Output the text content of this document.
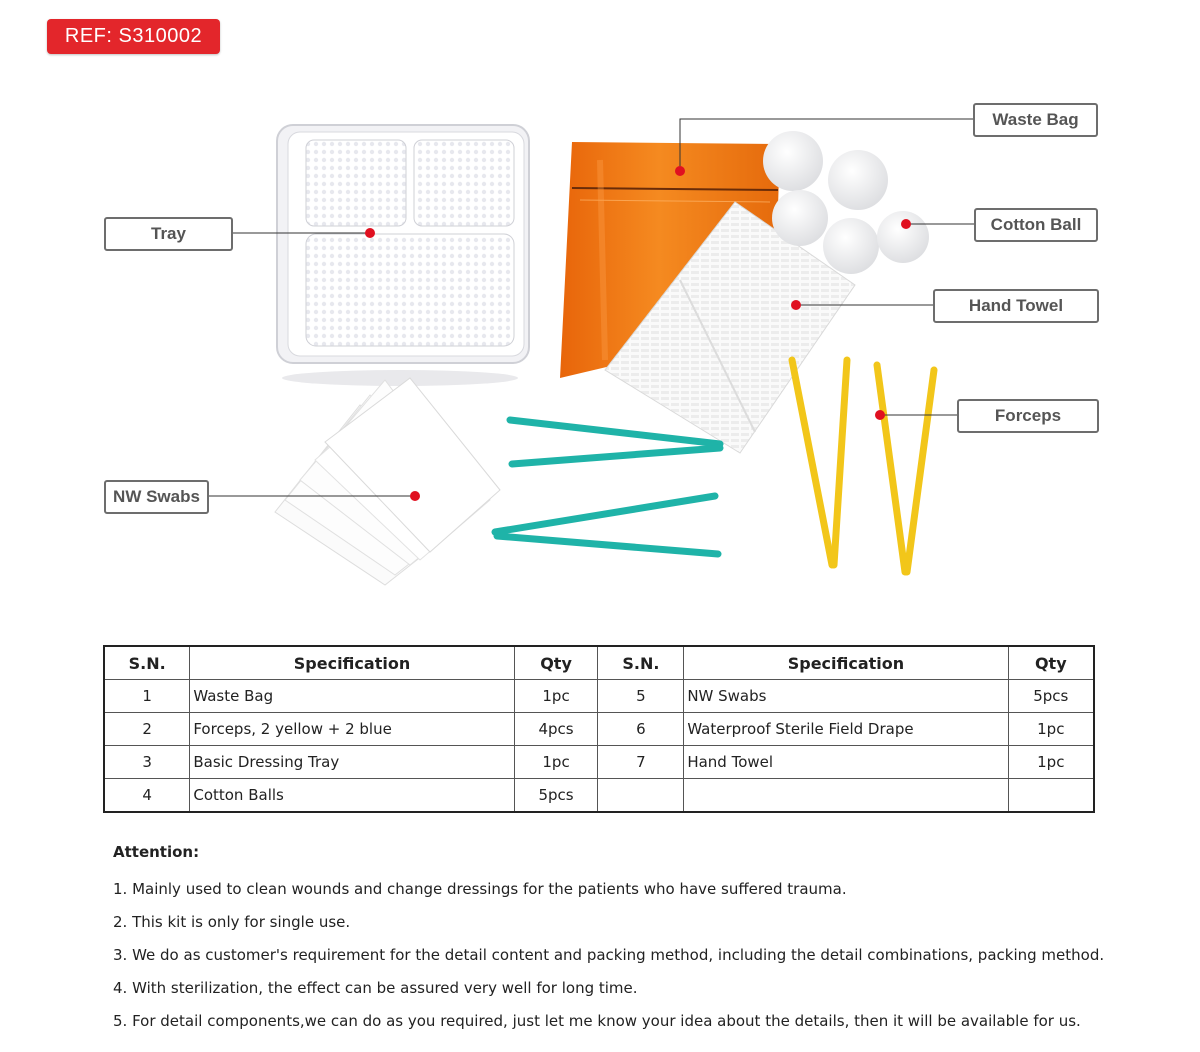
REF: S310002
Tray
Waste Bag
Cotton Ball
Hand Towel
Forceps
NW Swabs
S.N.	Specification	Qty	S.N.	Specification	Qty
1	Waste Bag	1pc	5	NW Swabs	5pcs
2	Forceps, 2 yellow + 2 blue	4pcs	6	Waterproof Sterile Field Drape	1pc
3	Basic Dressing Tray	1pc	7	Hand Towel	1pc
4	Cotton Balls	5pcs			
Attention:
1. Mainly used to clean wounds and change dressings for the patients who have suffered trauma.
2. This kit is only for single use.
3. We do as customer's requirement for the detail content and packing method, including the detail combinations, packing method.
4. With sterilization, the effect can be assured very well for long time.
5. For detail components,we can do as you required, just let me know your idea about the details, then it will be available for us.
